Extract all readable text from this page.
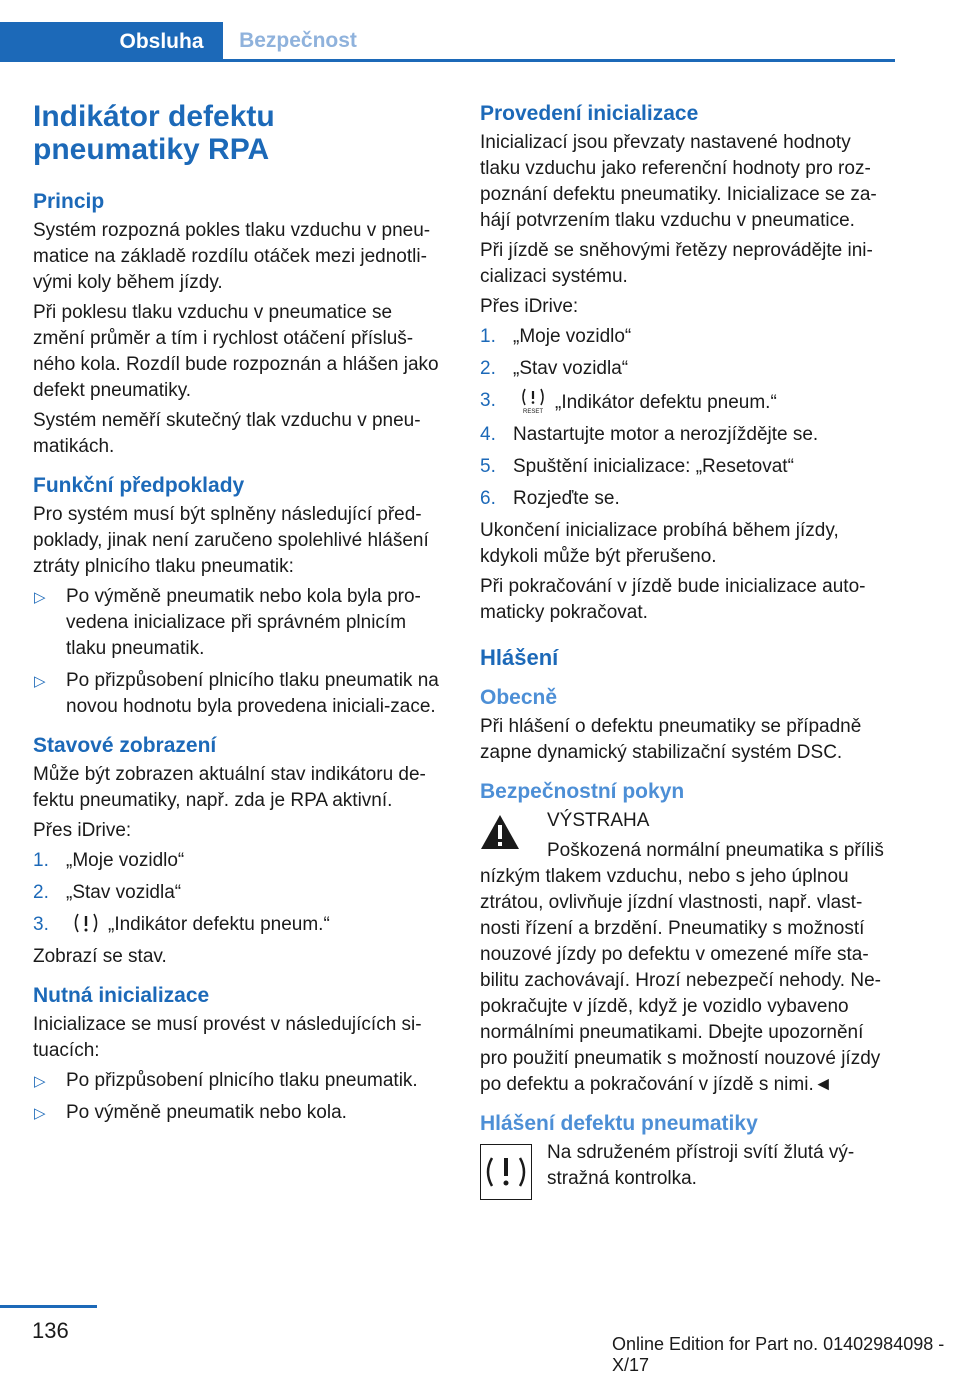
Obsluha	Bezpečnost
Indikátor defektu pneumatiky RPA
Princip

Systém rozpozná pokles tlaku vzduchu v pneu‐matice na základě rozdílu otáček mezi jednotli‐vými koly během jízdy.

Při poklesu tlaku vzduchu v pneumatice se změní průměr a tím i rychlost otáčení přísluš‐ného kola. Rozdíl bude rozpoznán a hlášen jako defekt pneumatiky.

Systém neměří skutečný tlak vzduchu v pneu‐matikách.

Funkční předpoklady

Pro systém musí být splněny následující před‐poklady, jinak není zaručeno spolehlivé hlášení ztráty plnicího tlaku pneumatik:

▷ Po výměně pneumatik nebo kola byla pro‐vedena inicializace při správném plnicím tlaku pneumatik.
▷ Po přizpůsobení plnicího tlaku pneumatik na novou hodnotu byla provedena iniciali‐zace.
Stavové zobrazení

Může být zobrazen aktuální stav indikátoru de‐fektu pneumatiky, např. zda je RPA aktivní.

Přes iDrive:

1. „Moje vozidlo“
2. „Stav vozidla“
3.	„Indikátor defektu pneum.“

Zobrazí se stav.

Nutná inicializace

Inicializace se musí provést v následujících si‐tuacích:

▷ Po přizpůsobení plnicího tlaku pneumatik.
▷ Po výměně pneumatik nebo kola.
Provedení inicializace

Inicializací jsou převzaty nastavené hodnoty tlaku vzduchu jako referenční hodnoty pro roz‐poznání defektu pneumatiky. Inicializace se za‐hájí potvrzením tlaku vzduchu v pneumatice.

Při jízdě se sněhovými řetězy neprovádějte ini‐cializaci systému.

Přes iDrive:

1. „Moje vozidlo“
2. „Stav vozidla“
3.
RESET „Indikátor defektu pneum.“
4. Nastartujte motor a nerozjíždějte se.
5. Spuštění inicializace: „Resetovat“
6. Rozjeďte se.

Ukončení inicializace probíhá během jízdy, kdykoli může být přerušeno.

Při pokračování v jízdě bude inicializace auto‐maticky pokračovat.

Hlášení
Obecně

Při hlášení o defektu pneumatiky se případně zapne dynamický stabilizační systém DSC.

Bezpečnostní pokyn

VÝSTRAHA

Poškozená normální pneumatika s příliš nízkým tlakem vzduchu, nebo s jeho úplnou ztrátou, ovlivňuje jízdní vlastnosti, např. vlast‐nosti řízení a brzdění. Pneumatiky s možností nouzové jízdy po defektu v omezené míře sta‐bilitu zachovávají. Hrozí nebezpečí nehody. Ne‐pokračujte v jízdě, když je vozidlo vybaveno normálními pneumatikami. Dbejte upozornění pro použití pneumatik s možností nouzové jízdy po defektu a pokračování v jízdě s nimi.◄

Hlášení defektu pneumatiky

Na sdruženém přístroji svítí žlutá vý‐stražná kontrolka.

136
Online Edition for Part no. 01402984098 - X/17
